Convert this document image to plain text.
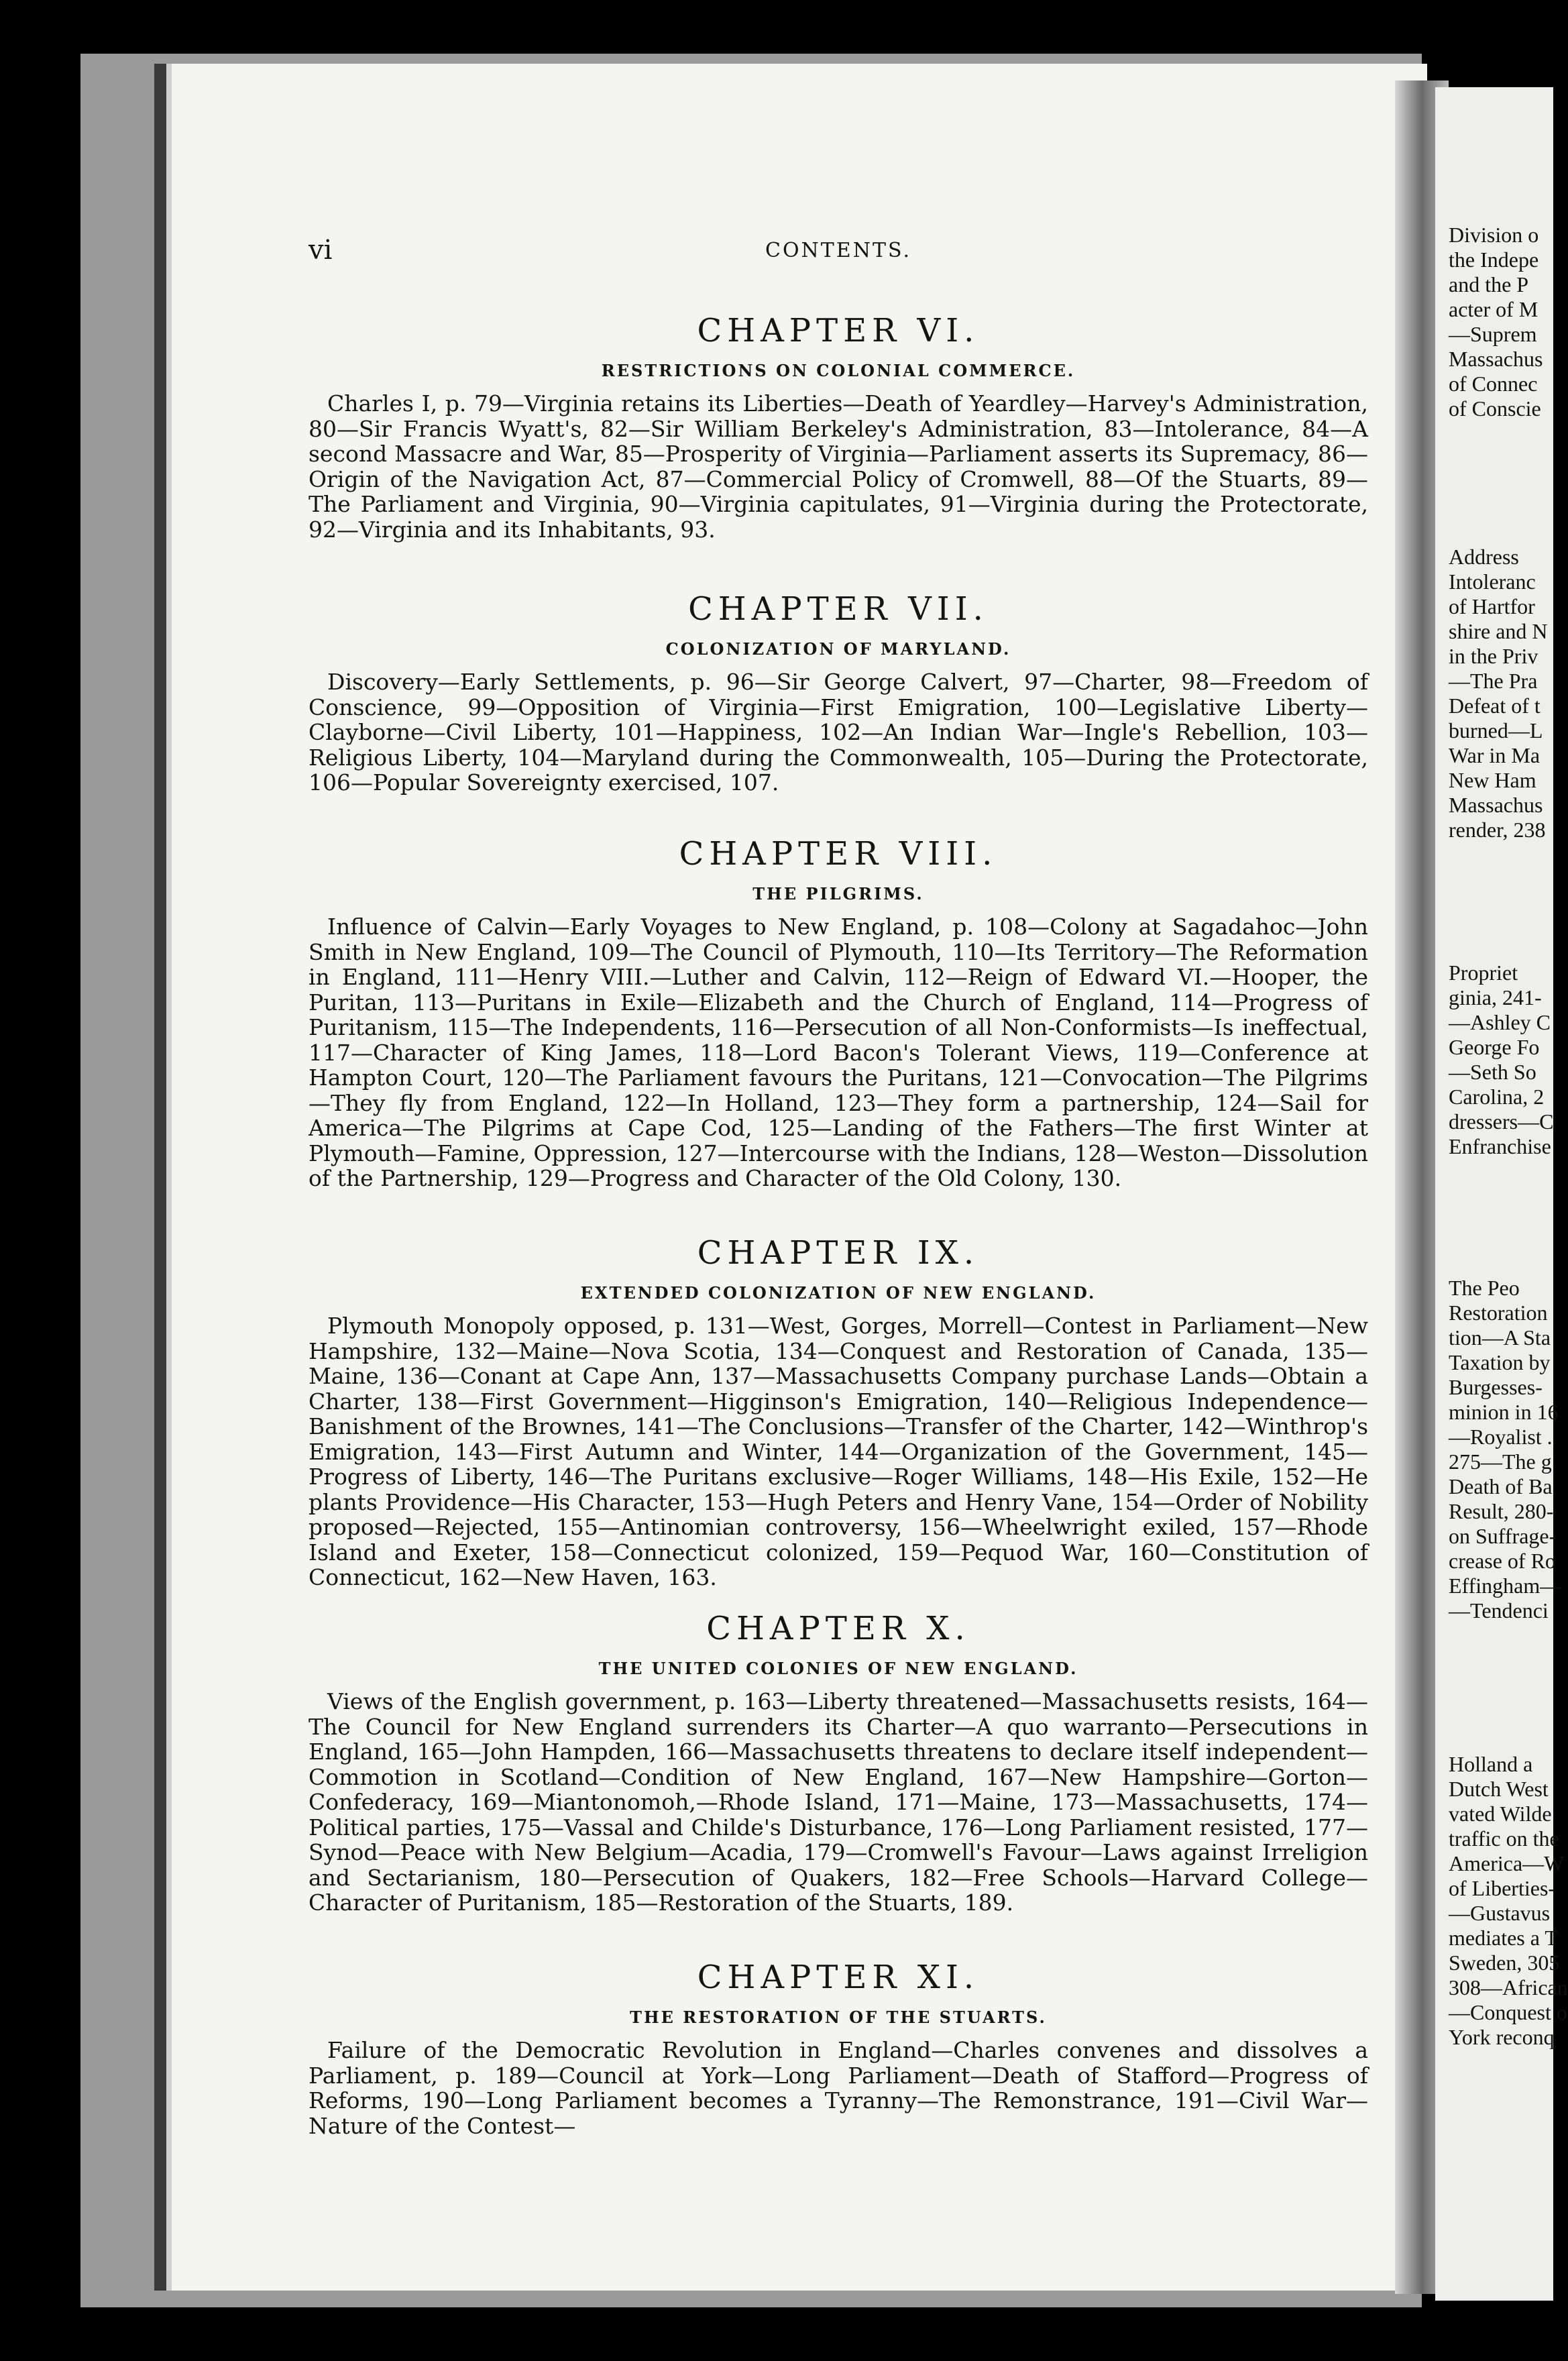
Division o
the Indepe
and the P
acter of M
—Suprem
Massachus
of Connec
of Conscie
Address
Intoleranc
of Hartfor
shire and N
in the Priv
—The Pra
Defeat of t
burned—L
War in Ma
New Ham
Massachus
render, 238
Propriet
ginia, 241-
—Ashley C
George Fo
—Seth So
Carolina, 2
dressers—C
Enfranchise
The Peo
Restoration
tion—A Sta
Taxation by
Burgesses-
minion in 16
—Royalist .
275—The g
Death of Ba
Result, 280-
on Suffrage-
crease of Ro
Effingham—
—Tendenci
Holland a
Dutch West
vated Wilde
traffic on the
America—W
of Liberties-
—Gustavus
mediates a T
Sweden, 305
308—African
—Conquest o
York reconq
vi	CONTENTS.
CHAPTER VI.
RESTRICTIONS ON COLONIAL COMMERCE.
Charles I, p. 79—Virginia retains its Liberties—Death of Yeardley—Harvey's Administration, 80—Sir Francis Wyatt's, 82—Sir William Berkeley's Administration, 83—Intolerance, 84—A second Massacre and War, 85—Prosperity of Virginia—Parliament asserts its Supremacy, 86—Origin of the Navigation Act, 87—Commercial Policy of Cromwell, 88—Of the Stuarts, 89—The Parliament and Virginia, 90—Virginia capitulates, 91—Virginia during the Protectorate, 92—Virginia and its Inhabitants, 93.
CHAPTER VII.
COLONIZATION OF MARYLAND.
Discovery—Early Settlements, p. 96—Sir George Calvert, 97—Charter, 98—Freedom of Conscience, 99—Opposition of Virginia—First Emigration, 100—Legislative Liberty—Clayborne—Civil Liberty, 101—Happiness, 102—An Indian War—Ingle's Rebellion, 103—Religious Liberty, 104—Maryland during the Commonwealth, 105—During the Protectorate, 106—Popular Sovereignty exercised, 107.
CHAPTER VIII.
THE PILGRIMS.
Influence of Calvin—Early Voyages to New England, p. 108—Colony at Sagadahoc—John Smith in New England, 109—The Council of Plymouth, 110—Its Territory—The Reformation in England, 111—Henry VIII.—Luther and Calvin, 112—Reign of Edward VI.—Hooper, the Puritan, 113—Puritans in Exile—Elizabeth and the Church of England, 114—Progress of Puritanism, 115—The Independents, 116—Persecution of all Non-Conformists—Is ineffectual, 117—Character of King James, 118—Lord Bacon's Tolerant Views, 119—Conference at Hampton Court, 120—The Parliament favours the Puritans, 121—Convocation—The Pilgrims—They fly from England, 122—In Holland, 123—They form a partnership, 124—Sail for America—The Pilgrims at Cape Cod, 125—Landing of the Fathers—The first Winter at Plymouth—Famine, Oppression, 127—Intercourse with the Indians, 128—Weston—Dissolution of the Partnership, 129—Progress and Character of the Old Colony, 130.
CHAPTER IX.
EXTENDED COLONIZATION OF NEW ENGLAND.
Plymouth Monopoly opposed, p. 131—West, Gorges, Morrell—Contest in Parliament—New Hampshire, 132—Maine—Nova Scotia, 134—Conquest and Restoration of Canada, 135—Maine, 136—Conant at Cape Ann, 137—Massachusetts Company purchase Lands—Obtain a Charter, 138—First Government—Higginson's Emigration, 140—Religious Independence—Banishment of the Brownes, 141—The Conclusions—Transfer of the Charter, 142—Winthrop's Emigration, 143—First Autumn and Winter, 144—Organization of the Government, 145—Progress of Liberty, 146—The Puritans exclusive—Roger Williams, 148—His Exile, 152—He plants Providence—His Character, 153—Hugh Peters and Henry Vane, 154—Order of Nobility proposed—Rejected, 155—Antinomian controversy, 156—Wheelwright exiled, 157—Rhode Island and Exeter, 158—Connecticut colonized, 159—Pequod War, 160—Constitution of Connecticut, 162—New Haven, 163.
CHAPTER X.
THE UNITED COLONIES OF NEW ENGLAND.
Views of the English government, p. 163—Liberty threatened—Massachusetts resists, 164—The Council for New England surrenders its Charter—A quo warranto—Persecutions in England, 165—John Hampden, 166—Massachusetts threatens to declare itself independent—Commotion in Scotland—Condition of New England, 167—New Hampshire—Gorton—Confederacy, 169—Miantonomoh,—Rhode Island, 171—Maine, 173—Massachusetts, 174—Political parties, 175—Vassal and Childe's Disturbance, 176—Long Parliament resisted, 177—Synod—Peace with New Belgium—Acadia, 179—Cromwell's Favour—Laws against Irreligion and Sectarianism, 180—Persecution of Quakers, 182—Free Schools—Harvard College—Character of Puritanism, 185—Restoration of the Stuarts, 189.
CHAPTER XI.
THE RESTORATION OF THE STUARTS.
Failure of the Democratic Revolution in England—Charles convenes and dissolves a Parliament, p. 189—Council at York—Long Parliament—Death of Stafford—Progress of Reforms, 190—Long Parliament becomes a Tyranny—The Remonstrance, 191—Civil War—Nature of the Contest—
